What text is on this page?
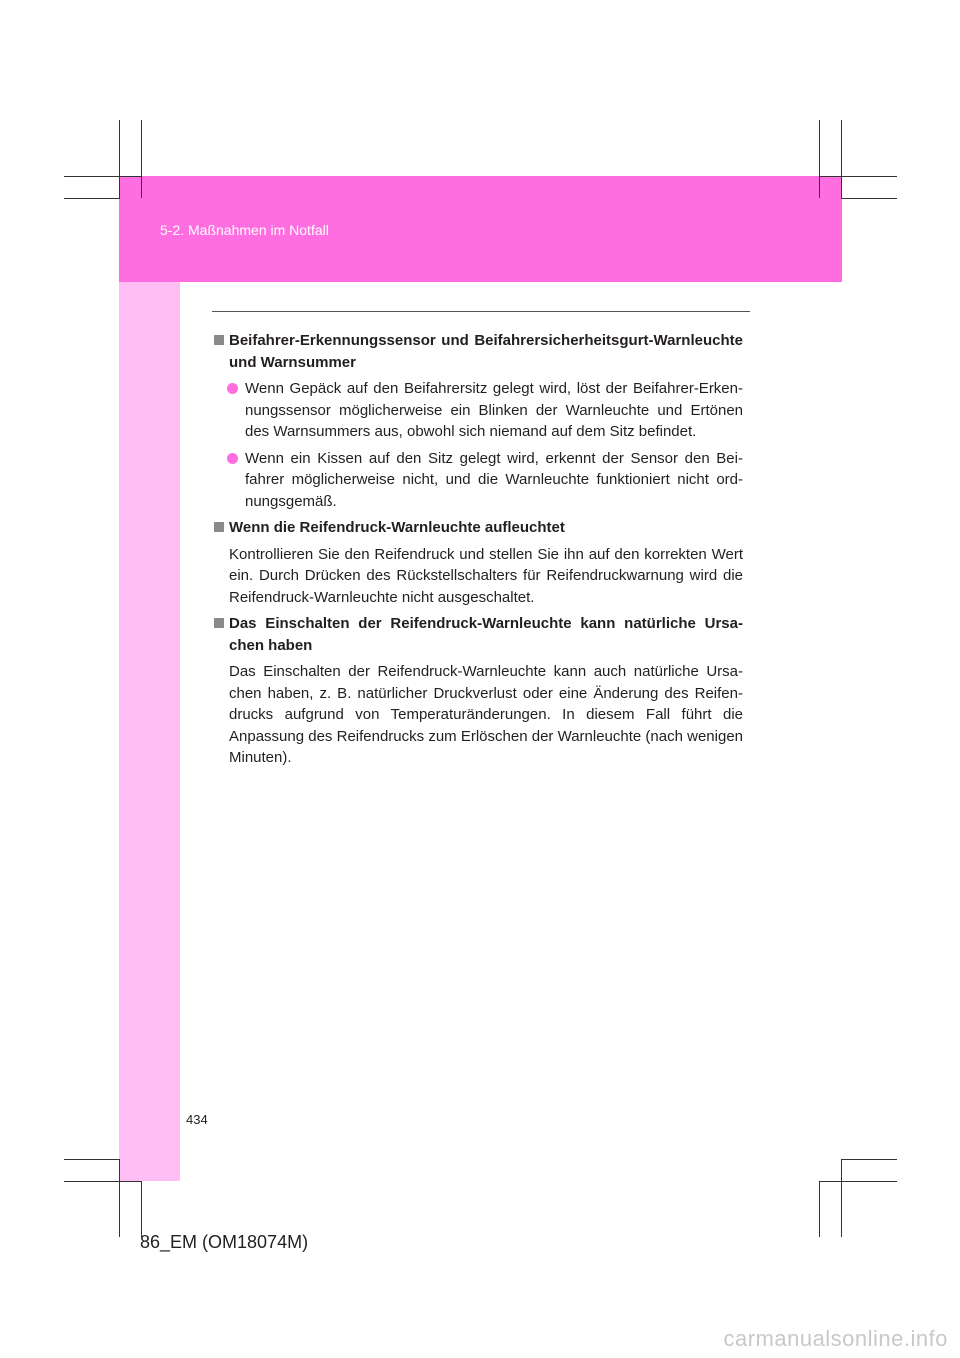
5-2. Maßnahmen im Notfall

Beifahrer-Erkennungssensor und Beifahrersicherheitsgurt-Warnleuchte und Warnsummer

Wenn Gepäck auf den Beifahrersitz gelegt wird, löst der Beifahrer-Erkennungssensor möglicherweise ein Blinken der Warnleuchte und Ertönen des Warnsummers aus, obwohl sich niemand auf dem Sitz befindet.

Wenn ein Kissen auf den Sitz gelegt wird, erkennt der Sensor den Beifahrer möglicherweise nicht, und die Warnleuchte funktioniert nicht ordnungsgemäß.

Wenn die Reifendruck-Warnleuchte aufleuchtet

Kontrollieren Sie den Reifendruck und stellen Sie ihn auf den korrekten Wert ein. Durch Drücken des Rückstellschalters für Reifendruckwarnung wird die Reifendruck-Warnleuchte nicht ausgeschaltet.

Das Einschalten der Reifendruck-Warnleuchte kann natürliche Ursachen haben

Das Einschalten der Reifendruck-Warnleuchte kann auch natürliche Ursachen haben, z. B. natürlicher Druckverlust oder eine Änderung des Reifendrucks aufgrund von Temperaturänderungen. In diesem Fall führt die Anpassung des Reifendrucks zum Erlöschen der Warnleuchte (nach wenigen Minuten).

434
86_EM (OM18074M)
carmanualsonline.info
